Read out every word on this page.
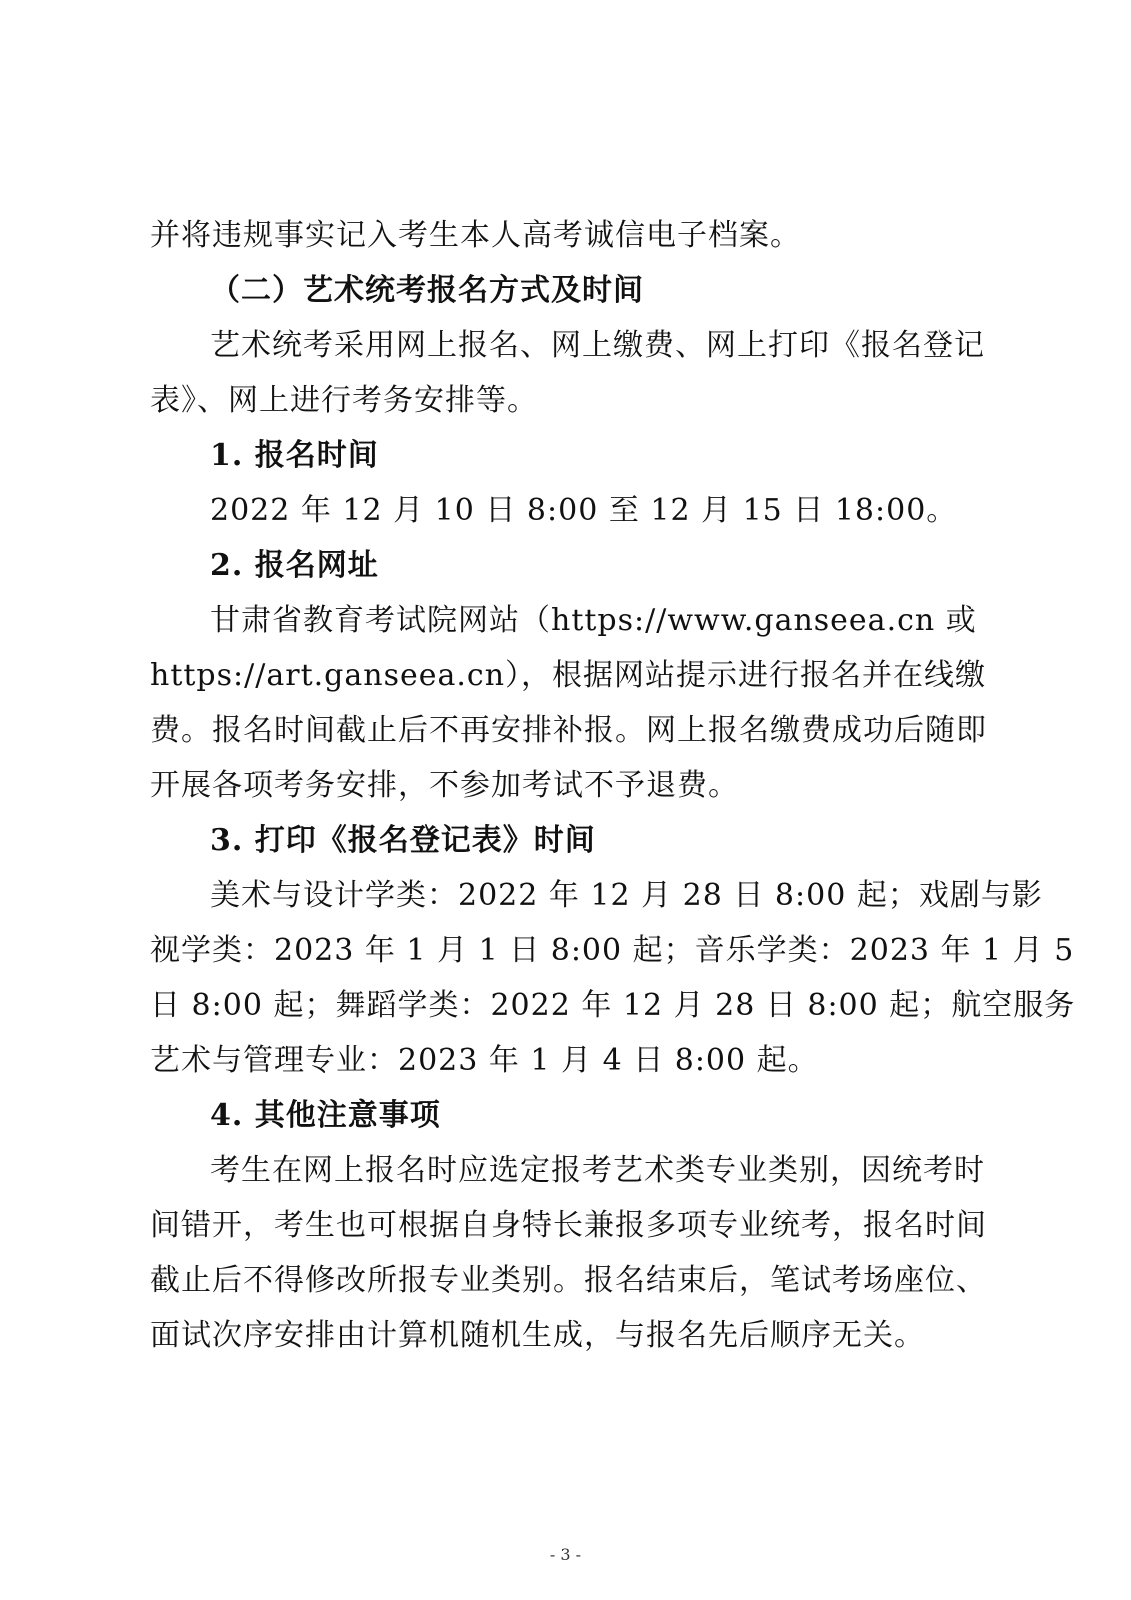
并将违规事实记入考生本人高考诚信电子档案。
（二）艺术统考报名方式及时间
艺术统考采用网上报名、网上缴费、网上打印《报名登记
表》、网上进行考务安排等。
1. 报名时间
2022 年 12 月 10 日 8:00 至 12 月 15 日 18:00。
2. 报名网址
甘肃省教育考试院网站（https://www.ganseea.cn 或
https://art.ganseea.cn），根据网站提示进行报名并在线缴
费。报名时间截止后不再安排补报。网上报名缴费成功后随即
开展各项考务安排，不参加考试不予退费。
3. 打印《报名登记表》时间
美术与设计学类：2022 年 12 月 28 日 8:00 起；戏剧与影
视学类：2023 年 1 月 1 日 8:00 起；音乐学类：2023 年 1 月 5
日 8:00 起；舞蹈学类：2022 年 12 月 28 日 8:00 起；航空服务
艺术与管理专业：2023 年 1 月 4 日 8:00 起。
4. 其他注意事项
考生在网上报名时应选定报考艺术类专业类别，因统考时
间错开，考生也可根据自身特长兼报多项专业统考，报名时间
截止后不得修改所报专业类别。报名结束后，笔试考场座位、
面试次序安排由计算机随机生成，与报名先后顺序无关。
- 3 -
